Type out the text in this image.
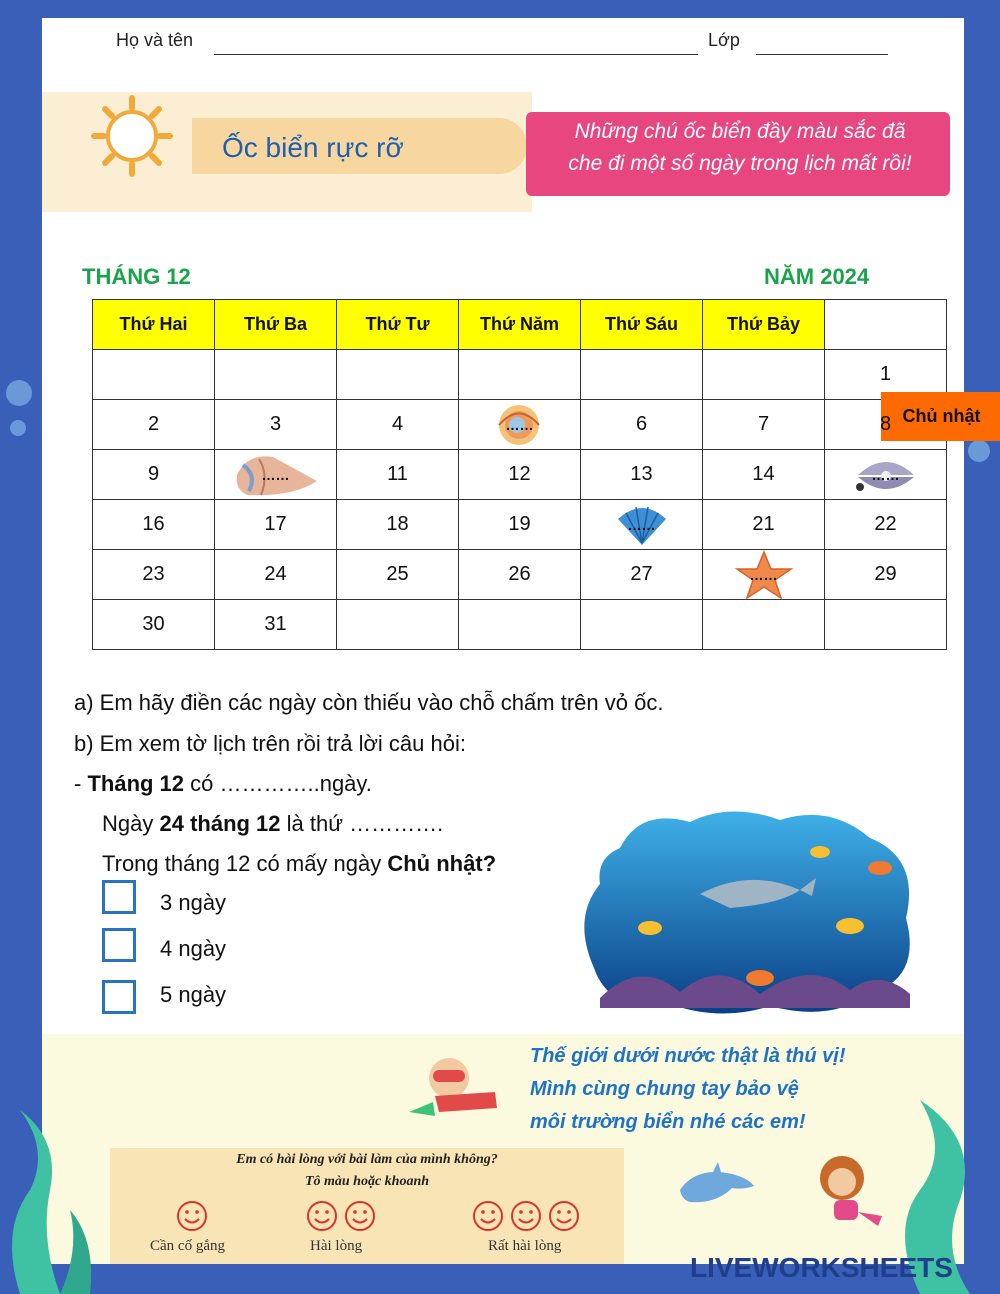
Họ và tên	Lớp
Ốc biển rực rỡ
Những chú ốc biển đầy màu sắc đã
che đi một số ngày trong lịch mất rồi!
THÁNG 12	NĂM 2024
Thứ Hai	Thứ Ba	Thứ Tư	Thứ Năm	Thứ Sáu	Thứ Bảy	Chủ nhật
						1
2	3	4	……	6	7	8
9	……	11	12	13	14	……
16	17	18	19	……	21	22
23	24	25	26	27	……	29
30	31					
a) Em hãy điền các ngày còn thiếu vào chỗ chấm trên vỏ ốc.
b) Em xem tờ lịch trên rồi trả lời câu hỏi:
- Tháng 12 có …………..ngày.
Ngày 24 tháng 12 là thứ ………….
Trong tháng 12 có mấy ngày Chủ nhật?
3 ngày
4 ngày
5 ngày
Thế giới dưới nước thật là thú vị!
Mình cùng chung tay bảo vệ
môi trường biển nhé các em!
Em có hài lòng với bài làm của mình không?
Tô màu hoặc khoanh
Cần cố gắng	Hài lòng	Rất hài lòng
LIVEWORKSHEETS
